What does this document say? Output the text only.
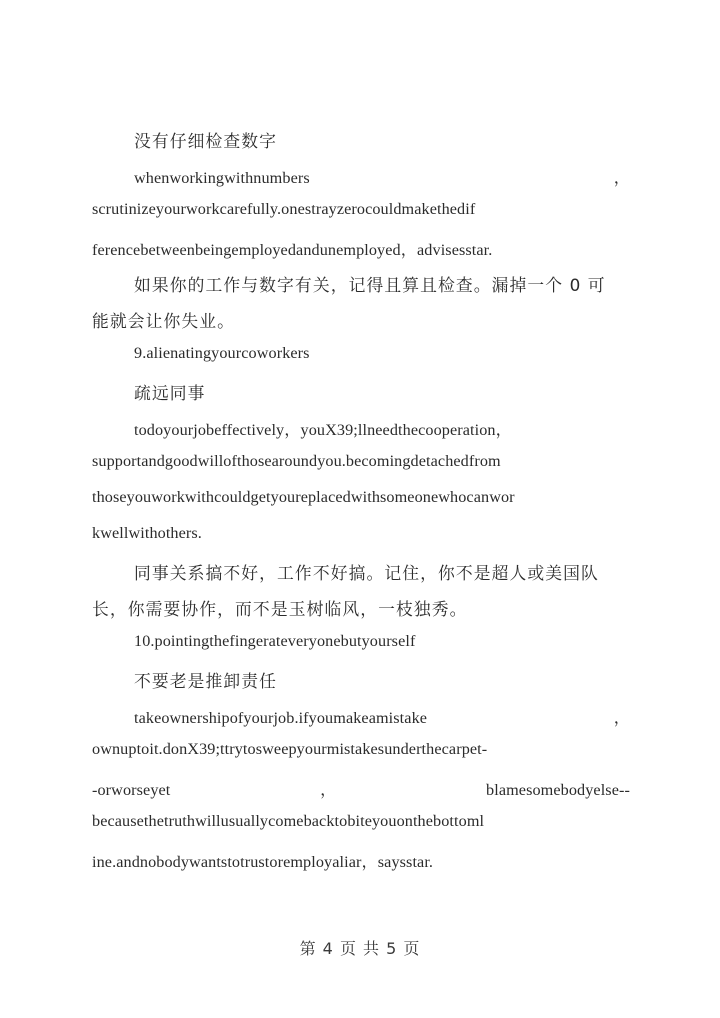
没有仔细检查数字
whenworkingwithnumbers	，
scrutinizeyourworkcarefully.onestrayzerocouldmakethedif
ferencebetweenbeingemployedandunemployed，advisesstar.
如果你的工作与数字有关，记得且算且检查。漏掉一个 0 可
能就会让你失业。
9.alienatingyourcoworkers
疏远同事
todoyourjobeffectively，youX39;llneedthecooperation，
supportandgoodwillofthosearoundyou.becomingdetachedfrom
thoseyouworkwithcouldgetyoureplacedwithsomeonewhocanwor
kwellwithothers.
同事关系搞不好，工作不好搞。记住，你不是超人或美国队
长，你需要协作，而不是玉树临风，一枝独秀。
10.pointingthefingerateveryonebutyourself
不要老是推卸责任
takeownershipofyourjob.ifyoumakeamistake	，
ownuptoit.donX39;ttrytosweepyourmistakesunderthecarpet-
-orworseyet	，	blamesomebodyelse--
becausethetruthwillusuallycomebacktobiteyouonthebottoml
ine.andnobodywantstotrustoremployaliar，saysstar.
第 4 页 共 5 页
